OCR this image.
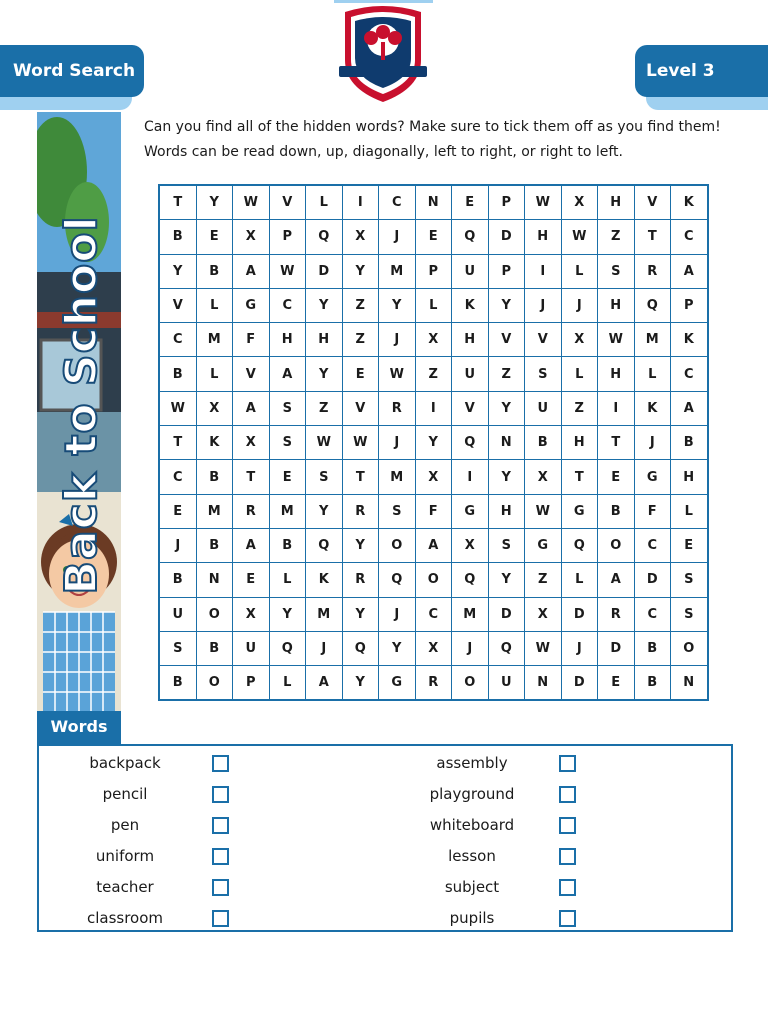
Word Search	Level 3
Back to School

Can you find all of the hidden words? Make sure to tick them off as you find them!

Words can be read down, up, diagonally, left to right, or right to left.

T	Y	W	V	L	I	C	N	E	P	W	X	H	V	K
B	E	X	P	Q	X	J	E	Q	D	H	W	Z	T	C
Y	B	A	W	D	Y	M	P	U	P	I	L	S	R	A
V	L	G	C	Y	Z	Y	L	K	Y	J	J	H	Q	P
C	M	F	H	H	Z	J	X	H	V	V	X	W	M	K
B	L	V	A	Y	E	W	Z	U	Z	S	L	H	L	C
W	X	A	S	Z	V	R	I	V	Y	U	Z	I	K	A
T	K	X	S	W	W	J	Y	Q	N	B	H	T	J	B
C	B	T	E	S	T	M	X	I	Y	X	T	E	G	H
E	M	R	M	Y	R	S	F	G	H	W	G	B	F	L
J	B	A	B	Q	Y	O	A	X	S	G	Q	O	C	E
B	N	E	L	K	R	Q	O	Q	Y	Z	L	A	D	S
U	O	X	Y	M	Y	J	C	M	D	X	D	R	C	S
S	B	U	Q	J	Q	Y	X	J	Q	W	J	D	B	O
B	O	P	L	A	Y	G	R	O	U	N	D	E	B	N
Words
backpack
pencil
pen
uniform
teacher
classroom
assembly
playground
whiteboard
lesson
subject
pupils
